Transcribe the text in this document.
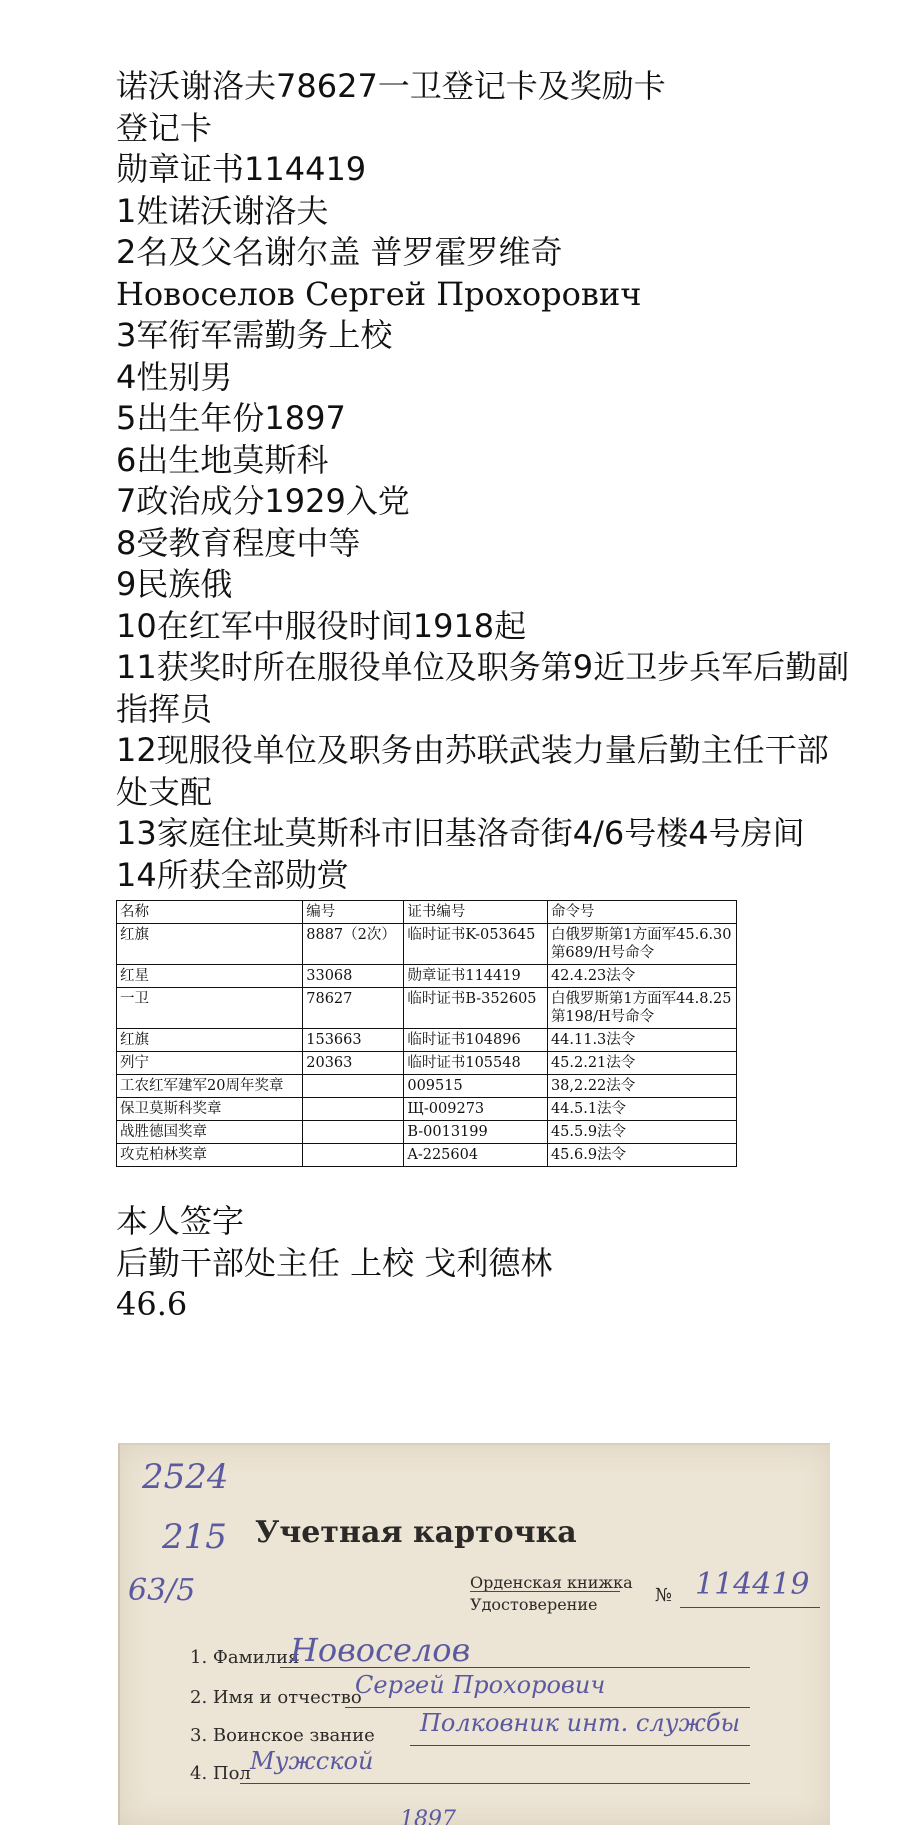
诺沃谢洛夫78627一卫登记卡及奖励卡

登记卡

勋章证书114419

1姓诺沃谢洛夫

2名及父名谢尔盖 普罗霍罗维奇

Новоселов Сергей Прохорович

3军衔军需勤务上校

4性别男

5出生年份1897

6出生地莫斯科

7政治成分1929入党

8受教育程度中等

9民族俄

10在红军中服役时间1918起

11获奖时所在服役单位及职务第9近卫步兵军后勤副指挥员

12现服役单位及职务由苏联武装力量后勤主任干部处支配

13家庭住址莫斯科市旧基洛奇街4/6号楼4号房间

14所获全部勋赏

名称	编号	证书编号	命令号
红旗	8887（2次）	临时证书K-053645	白俄罗斯第1方面军45.6.30第689/H号命令
红星	33068	勋章证书114419	42.4.23法令
一卫	78627	临时证书B-352605	白俄罗斯第1方面军44.8.25第198/H号命令
红旗	153663	临时证书104896	44.11.3法令
列宁	20363	临时证书105548	45.2.21法令
工农红军建军20周年奖章		009515	38,2.22法令
保卫莫斯科奖章		Щ-009273	44.5.1法令
战胜德国奖章		B-0013199	45.5.9法令
攻克柏林奖章		A-225604	45.6.9法令

本人签字

后勤干部处主任 上校 戈利德林

46.6

2524
215
63/5
Учетная карточка
Орденская книжка
Удостоверение	№ 114419
1. Фамилия
Новоселов
2. Имя и отчество
Сергей Прохорович
3. Воинское звание Полковник инт. службы
4. Пол Мужской
1897
